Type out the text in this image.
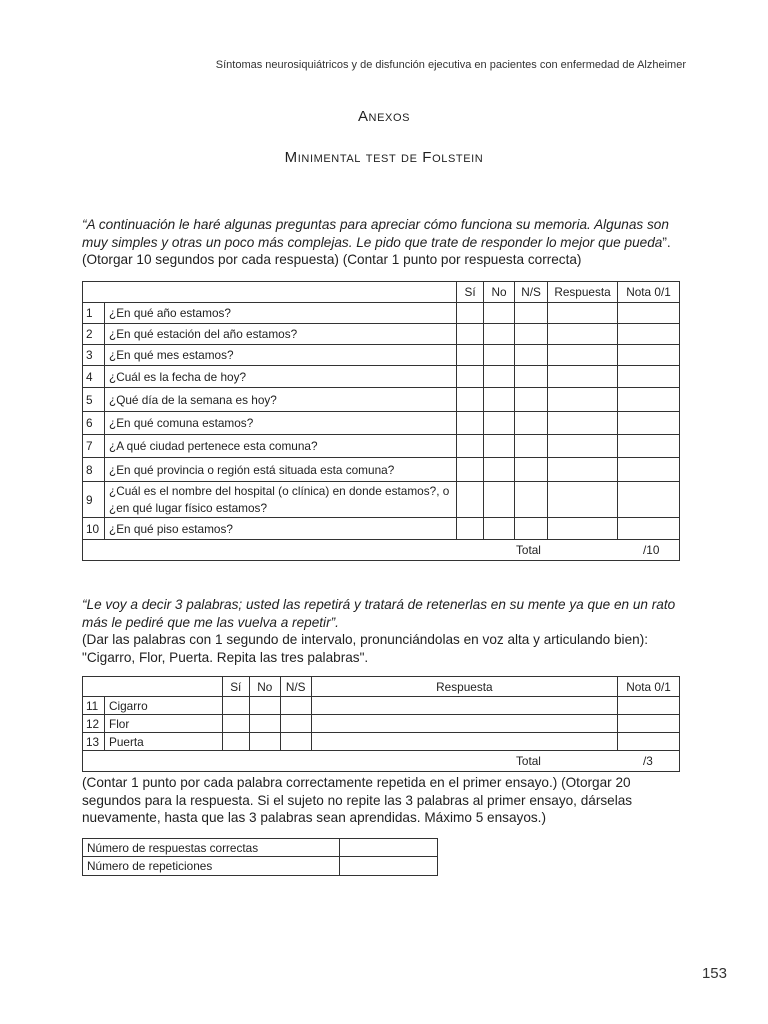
Síntomas neurosiquiátricos y de disfunción ejecutiva en pacientes con enfermedad de Alzheimer
Anexos
Minimental test de Folstein
“A continuación le haré algunas preguntas para apreciar cómo funciona su memoria. Algunas son muy simples y otras un poco más complejas. Le pido que trate de responder lo mejor que pueda”.
(Otorgar 10 segundos por cada respuesta) (Contar 1 punto por respuesta correcta)
		Sí	No	N/S	Respuesta	Nota 0/1
1	¿En qué año estamos?					
2	¿En qué estación del año estamos?					
3	¿En qué mes estamos?					
4	¿Cuál es la fecha de hoy?					
5	¿Qué día de la semana es hoy?					
6	¿En qué comuna estamos?					
7	¿A qué ciudad pertenece esta comuna?					
8	¿En qué provincia o región está situada esta comuna?					
9	¿Cuál es el nombre del hospital (o clínica) en donde estamos?, o ¿en qué lugar físico estamos?					
10	¿En qué piso estamos?					

Total /10						
“Le voy a decir 3 palabras; usted las repetirá y tratará de retenerlas en su mente ya que en un rato más le pediré que me las vuelva a repetir”.
(Dar las palabras con 1 segundo de intervalo, pronunciándolas en voz alta y articulando bien):
"Cigarro, Flor, Puerta. Repita las tres palabras".
		Sí	No	N/S	Respuesta	Nota 0/1
11	Cigarro					
12	Flor					
13	Puerta					

Total /3						
(Contar 1 punto por cada palabra correctamente repetida en el primer ensayo.) (Otorgar 20 segundos para la respuesta. Si el sujeto no repite las 3 palabras al primer ensayo, dárselas nuevamente, hasta que las 3 palabras sean aprendidas. Máximo 5 ensayos.)
Número de respuestas correctas	
Número de repeticiones	
153
